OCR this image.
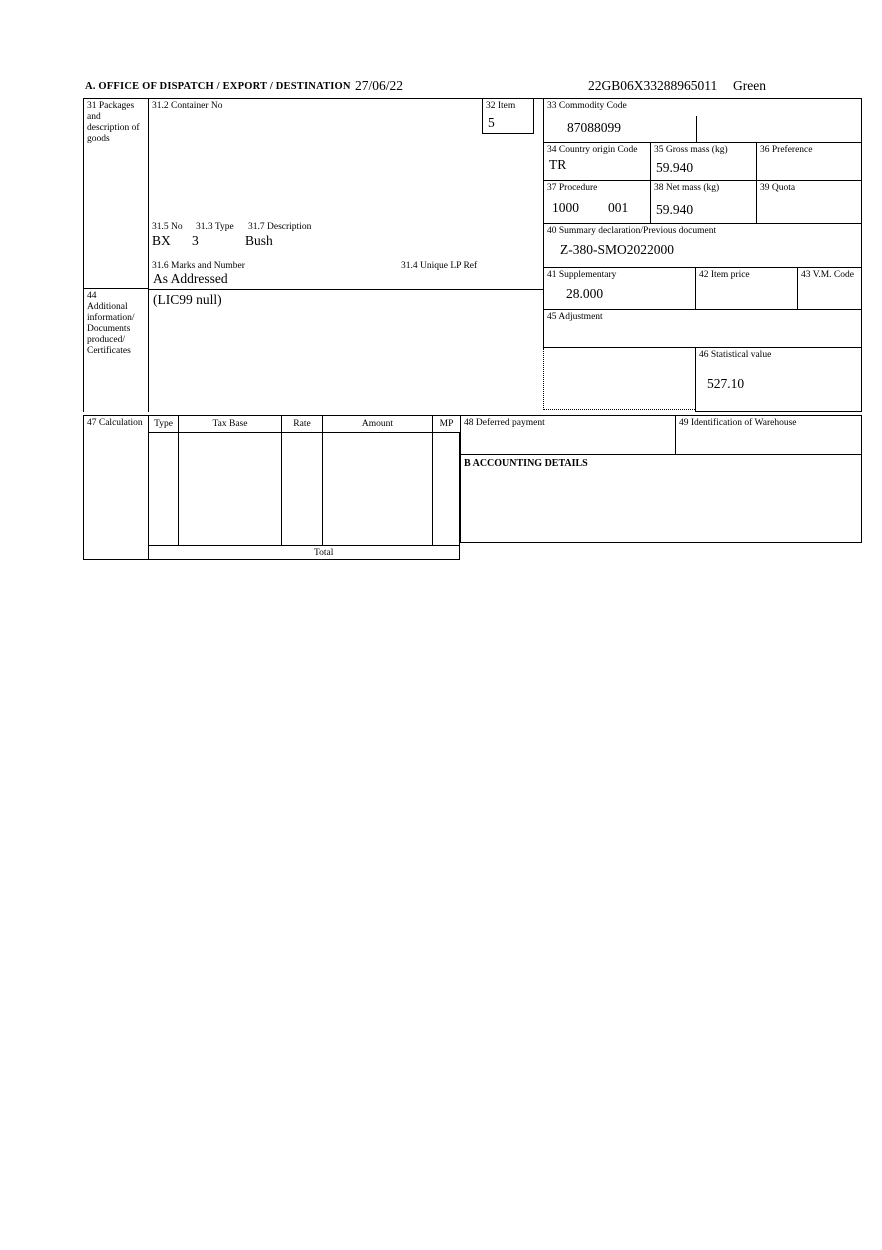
A. OFFICE OF DISPATCH / EXPORT / DESTINATION 27/06/22	22GB06X33288965011 Green
31 Packages and description of goods
31.2 Container No	32 Item
5
31.5 No 31.3 Type 31.7 Description
BX 3	Bush
31.6 Marks and Number	31.4 Unique LP Ref
As Addressed
33 Commodity Code
87088099
34 Country origin Code
TR
35 Gross mass (kg)
59.940
36 Preference
37 Procedure
1000 001
38 Net mass (kg)
59.940
39 Quota
40 Summary declaration/Previous document
Z-380-SMO2022000
41 Supplementary
28.000
42 Item price	43 V.M. Code
44
Additional information/ Documents produced/ Certificates
(LIC99 null)
45 Adjustment
46 Statistical value
527.10
47 Calculation	Type	Tax Base	Rate	Amount	MP
Total
48 Deferred payment	49 Identification of Warehouse
B ACCOUNTING DETAILS
